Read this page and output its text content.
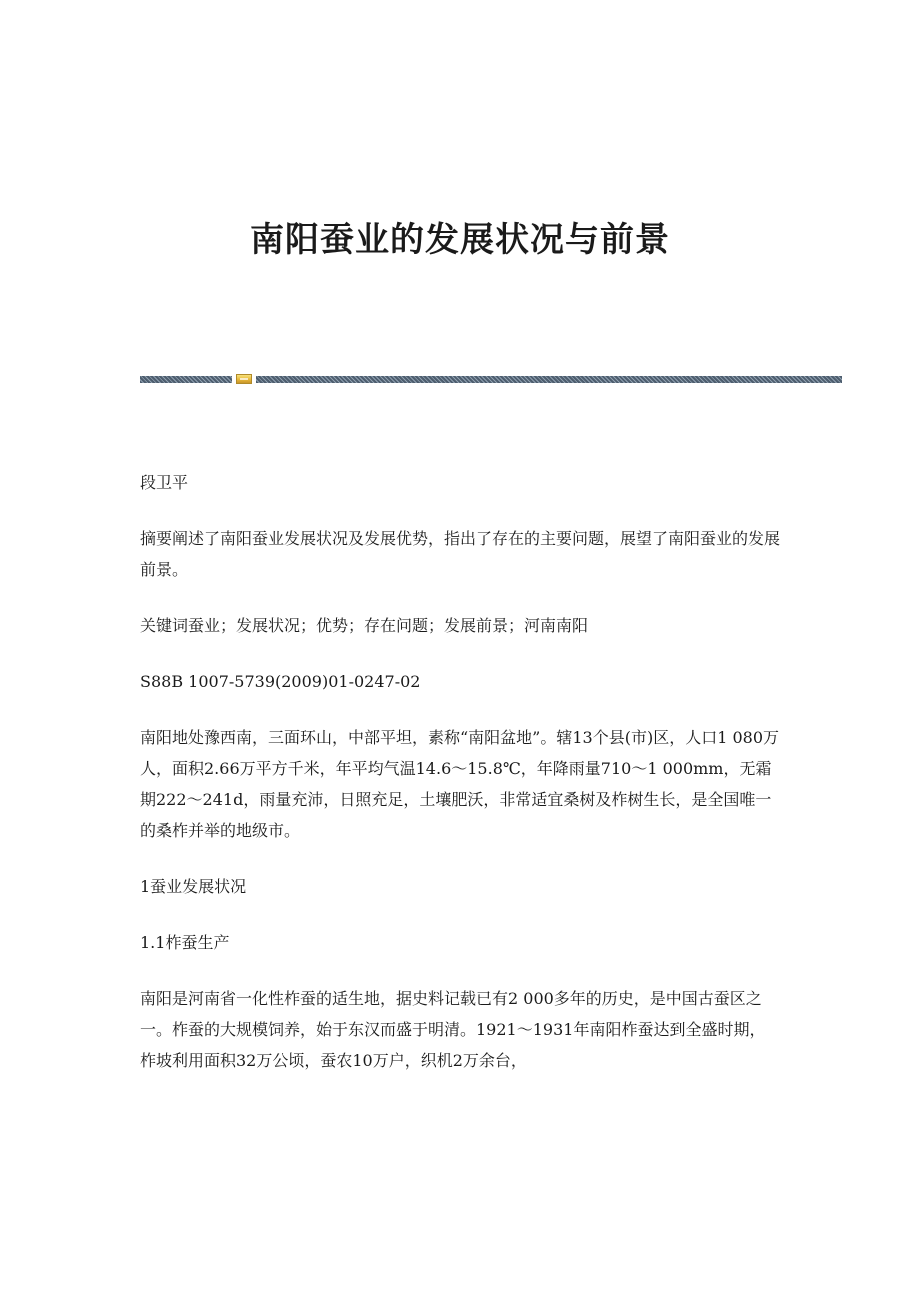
南阳蚕业的发展状况与前景

段卫平

摘要阐述了南阳蚕业发展状况及发展优势，指出了存在的主要问题，展望了南阳蚕业的发展前景。

关键词蚕业；发展状况；优势；存在问题；发展前景；河南南阳

S88B 1007-5739(2009)01-0247-02

南阳地处豫西南，三面环山，中部平坦，素称“南阳盆地”。辖13个县(市)区，人口1 080万人，面积2.66万平方千米，年平均气温14.6～15.8℃，年降雨量710～1 000mm，无霜期222～241d，雨量充沛，日照充足，土壤肥沃，非常适宜桑树及柞树生长，是全国唯一的桑柞并举的地级市。

1蚕业发展状况

1.1柞蚕生产

南阳是河南省一化性柞蚕的适生地，据史料记载已有2 000多年的历史，是中国古蚕区之一。柞蚕的大规模饲养，始于东汉而盛于明清。1921～1931年南阳柞蚕达到全盛时期，柞坡利用面积32万公顷，蚕农10万户，织机2万余台，
